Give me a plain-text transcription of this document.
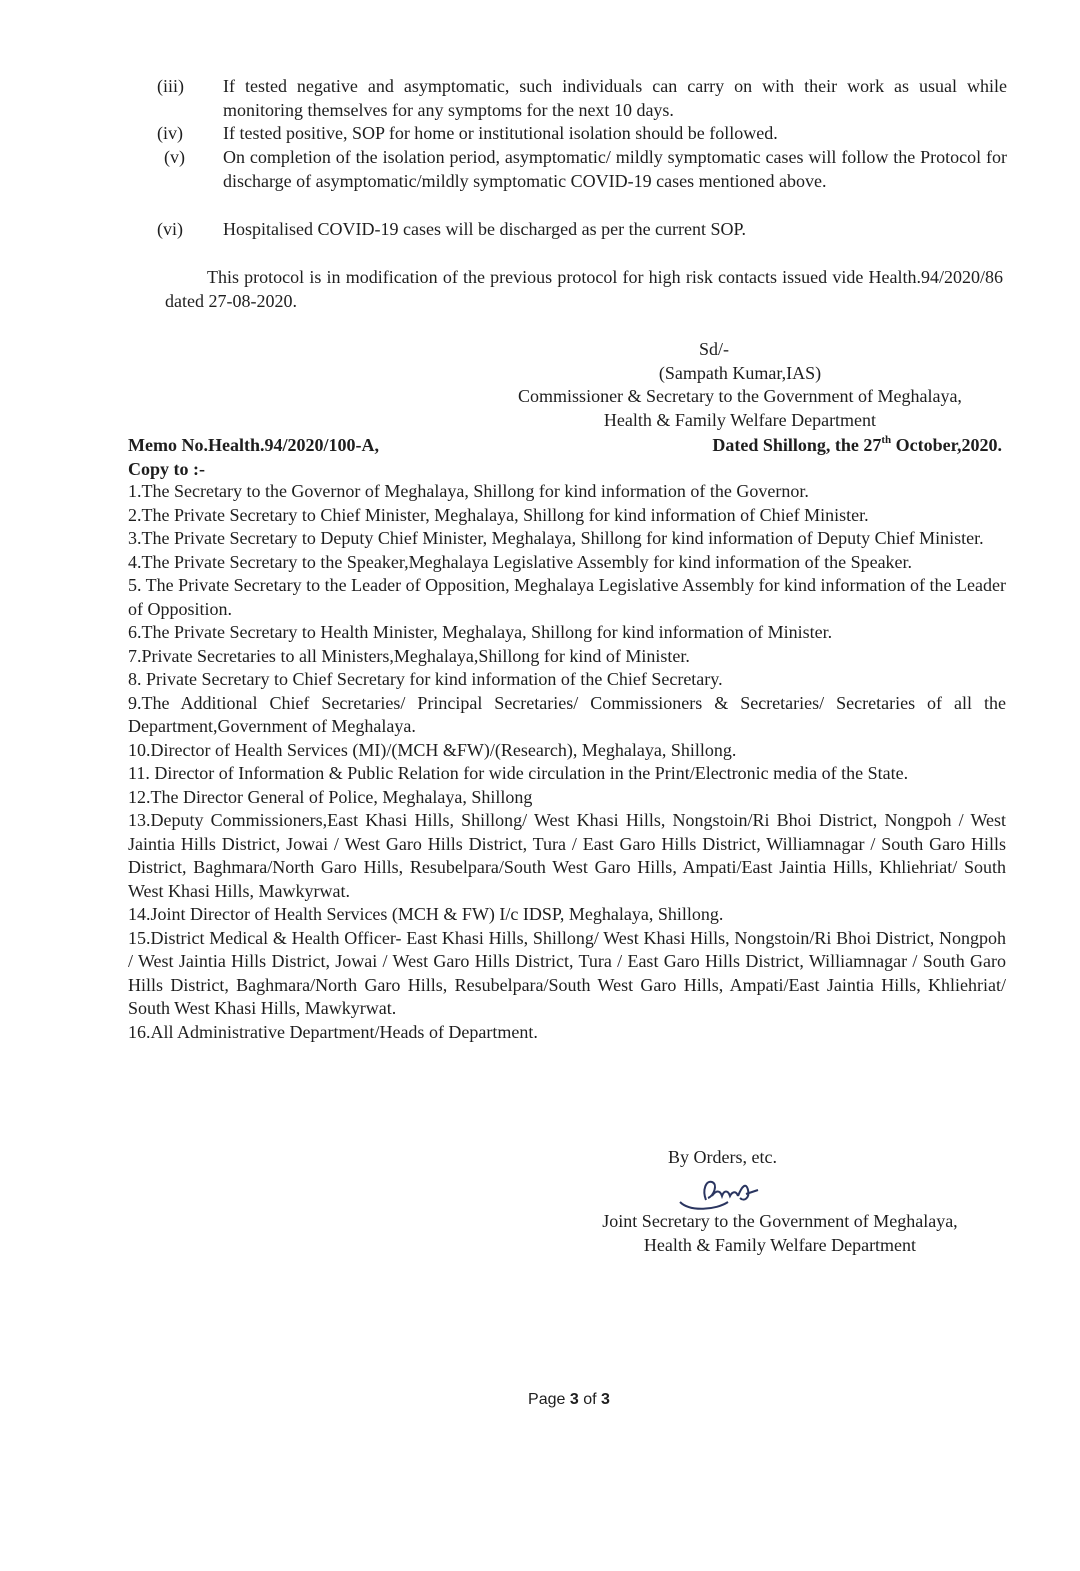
(iii)	If tested negative and asymptomatic, such individuals can carry on with their work as usual while monitoring themselves for any symptoms for the next 10 days.
(iv)	If tested positive, SOP for home or institutional isolation should be followed.
(v)	On completion of the isolation period, asymptomatic/ mildly symptomatic cases will follow the Protocol for discharge of asymptomatic/mildly symptomatic COVID-19 cases mentioned above.
(vi)	Hospitalised COVID-19 cases will be discharged as per the current SOP.
This protocol is in modification of the previous protocol for high risk contacts issued vide Health.94/2020/86 dated 27-08-2020.
Sd/-
(Sampath Kumar,IAS)
Commissioner & Secretary to the Government of Meghalaya,
Health & Family Welfare Department
Memo No.Health.94/2020/100-A,	Dated Shillong, the 27th October,2020.
Copy to :-
1.The Secretary to the Governor of Meghalaya, Shillong for kind information of the Governor.
2.The Private Secretary to Chief Minister, Meghalaya, Shillong for kind information of Chief Minister.
3.The Private Secretary to Deputy Chief Minister, Meghalaya, Shillong for kind information of Deputy Chief Minister.
4.The Private Secretary to the Speaker,Meghalaya Legislative Assembly for kind information of the Speaker.
5. The Private Secretary to the Leader of Opposition, Meghalaya Legislative Assembly for kind information of the Leader of Opposition.
6.The Private Secretary to Health Minister, Meghalaya, Shillong for kind information of Minister.
7.Private Secretaries to all Ministers,Meghalaya,Shillong for kind of Minister.
8. Private Secretary to Chief Secretary for kind information of the Chief Secretary.
9.The Additional Chief Secretaries/ Principal Secretaries/ Commissioners & Secretaries/ Secretaries of all the Department,Government of Meghalaya.
10.Director of Health Services (MI)/(MCH &FW)/(Research), Meghalaya, Shillong.
11. Director of Information & Public Relation for wide circulation in the Print/Electronic media of the State.
12.The Director General of Police, Meghalaya, Shillong
13.Deputy Commissioners,East Khasi Hills, Shillong/ West Khasi Hills, Nongstoin/Ri Bhoi District, Nongpoh / West Jaintia Hills District, Jowai / West Garo Hills District, Tura / East Garo Hills District, Williamnagar / South Garo Hills District, Baghmara/North Garo Hills, Resubelpara/South West Garo Hills, Ampati/East Jaintia Hills, Khliehriat/ South West Khasi Hills, Mawkyrwat.
14.Joint Director of Health Services (MCH & FW) I/c IDSP, Meghalaya, Shillong.
15.District Medical & Health Officer- East Khasi Hills, Shillong/ West Khasi Hills, Nongstoin/Ri Bhoi District, Nongpoh / West Jaintia Hills District, Jowai / West Garo Hills District, Tura / East Garo Hills District, Williamnagar / South Garo Hills District, Baghmara/North Garo Hills, Resubelpara/South West Garo Hills, Ampati/East Jaintia Hills, Khliehriat/ South West Khasi Hills, Mawkyrwat.
16.All Administrative Department/Heads of Department.
By Orders, etc.
Joint Secretary to the Government of Meghalaya,
Health & Family Welfare Department
Page 3 of 3
